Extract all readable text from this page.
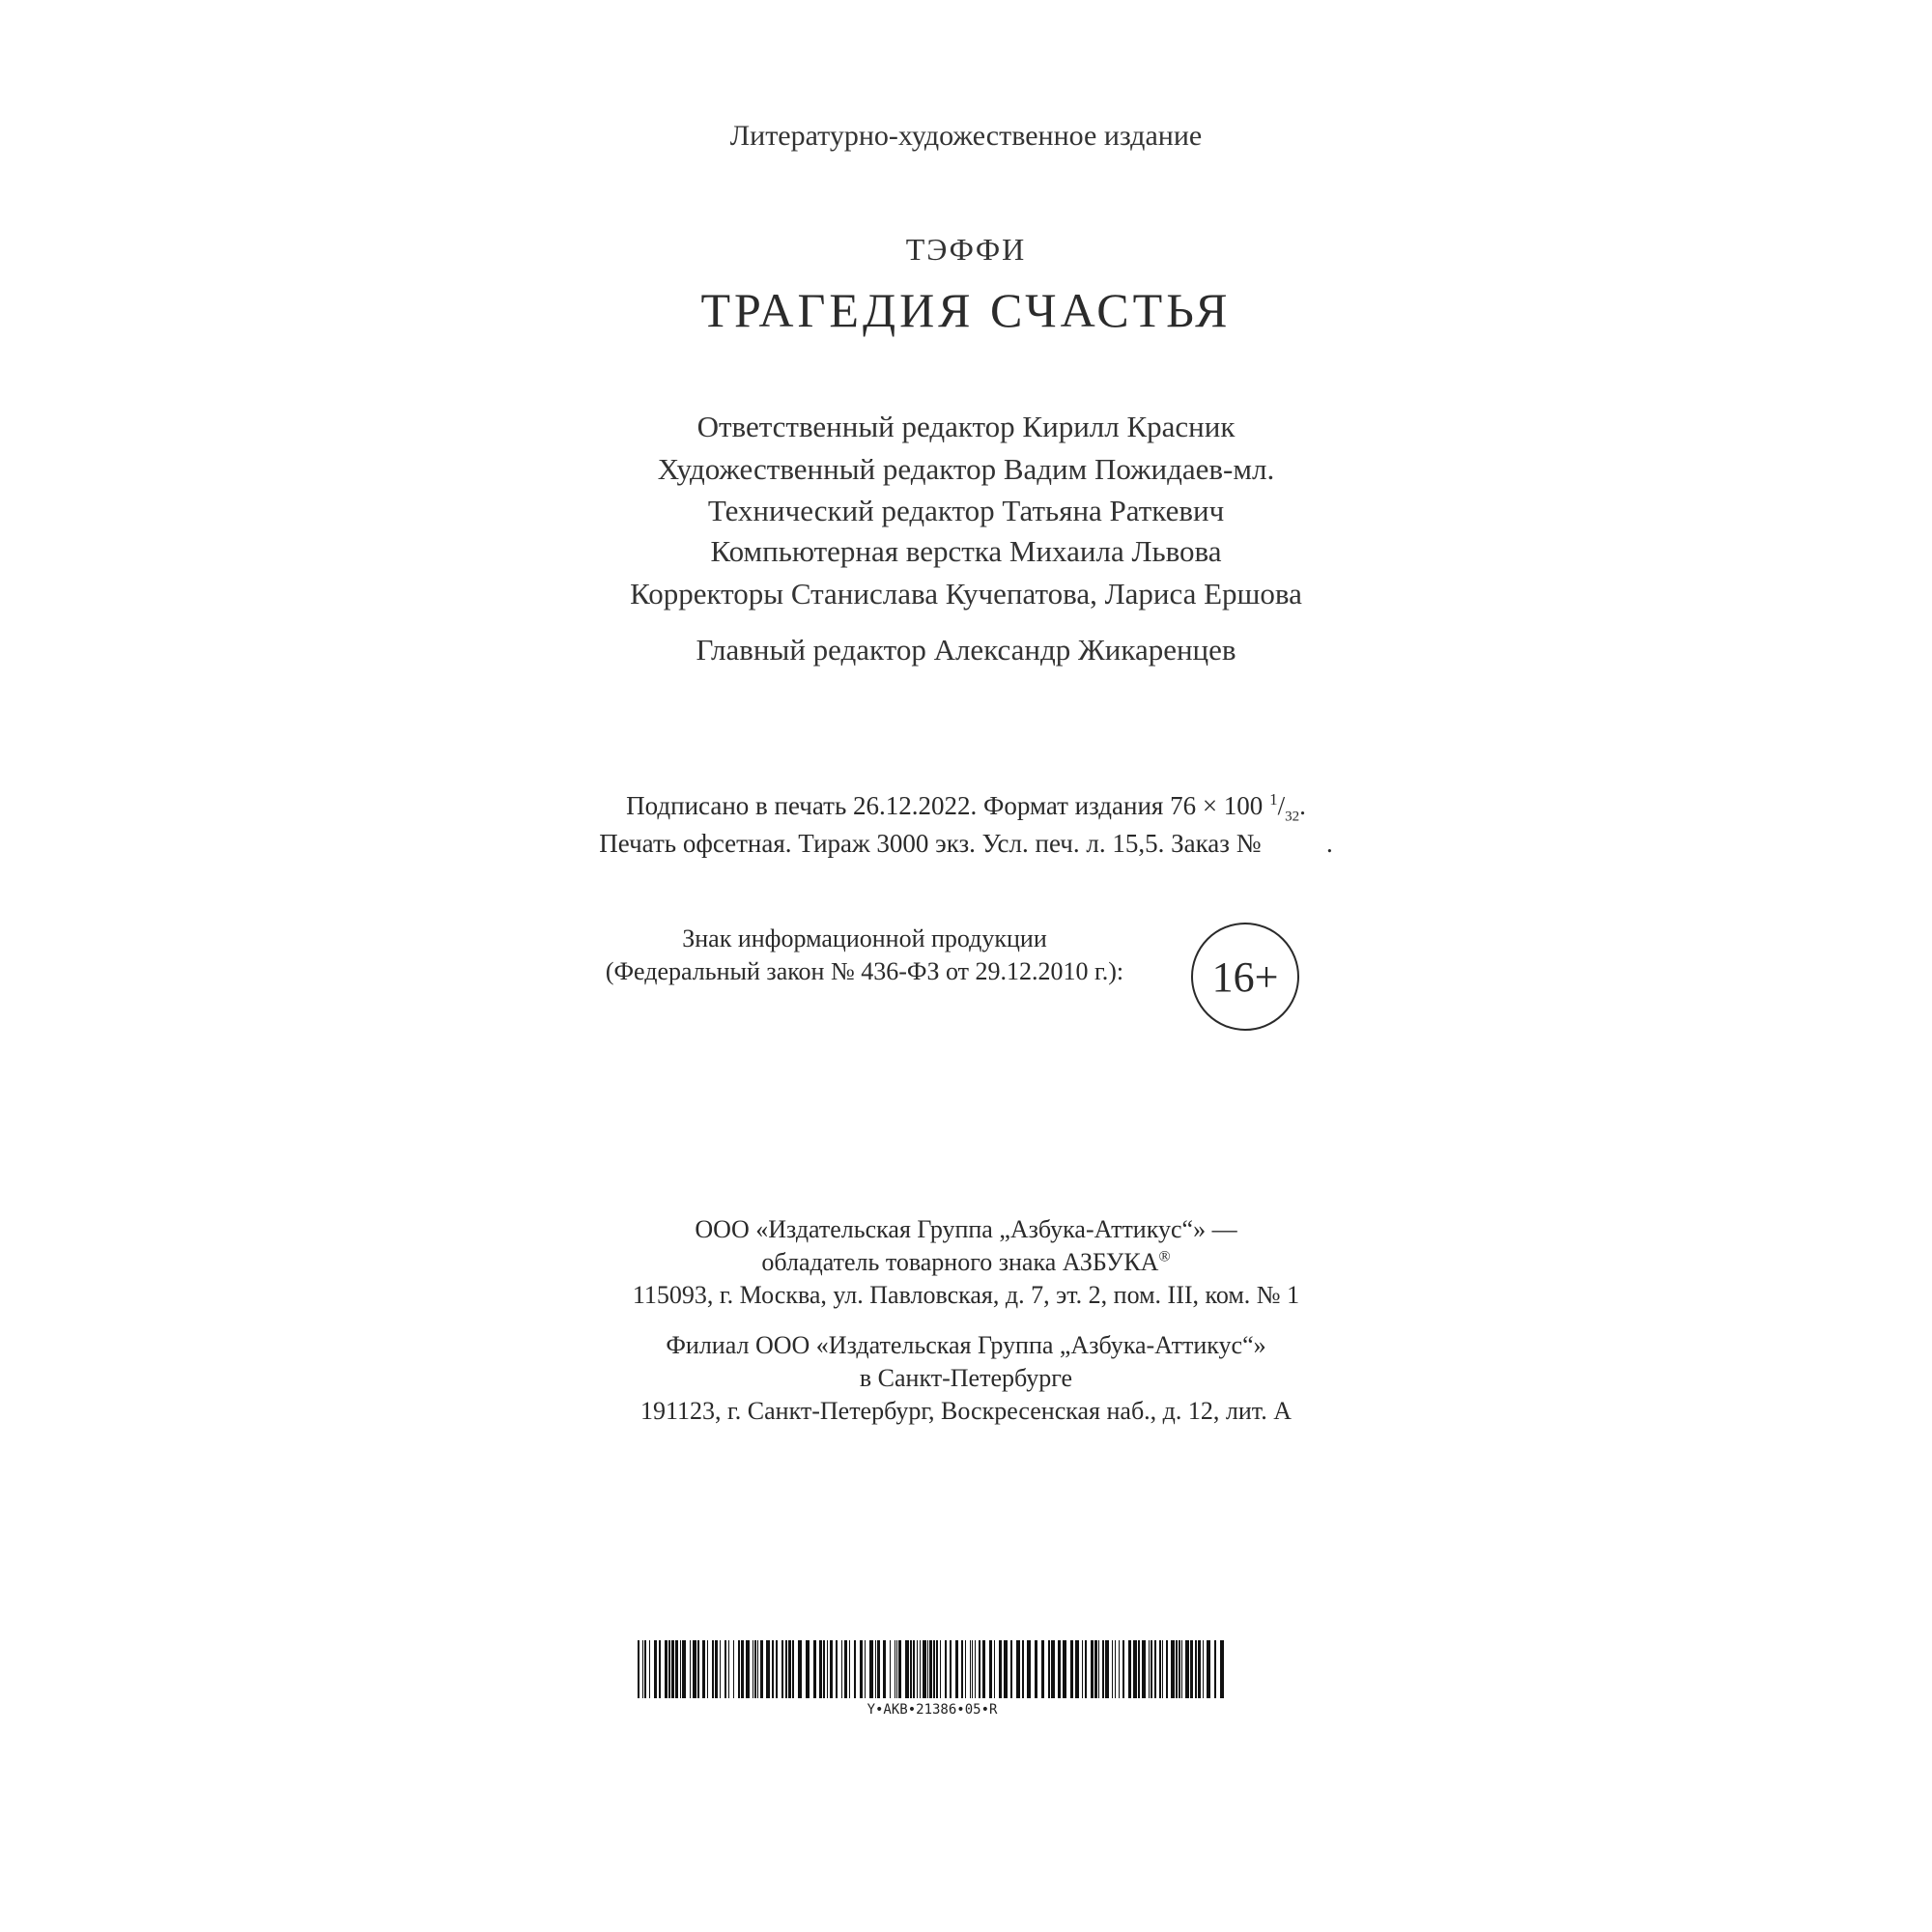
Литературно-художественное издание
ТЭФФИ
ТРАГЕДИЯ СЧАСТЬЯ
Ответственный редактор Кирилл Красник
Художественный редактор Вадим Пожидаев-мл.
Технический редактор Татьяна Раткевич
Компьютерная верстка Михаила Львова
Корректоры Станислава Кучепатова, Лариса Ершова
Главный редактор Александр Жикаренцев
Подписано в печать 26.12.2022. Формат издания 76 × 100 $^1/_{32}$.
Печать офсетная. Тираж 3000 экз. Усл. печ. л. 15,5. Заказ №          .
Знак информационной продукции
(Федеральный закон № 436-ФЗ от 29.12.2010 г.):	16+
ООО «Издательская Группа „Азбука-Аттикус“» —
обладатель товарного знака АЗБУКА®
115093, г. Москва, ул. Павловская, д. 7, эт. 2, пом. III, ком. № 1
Филиал ООО «Издательская Группа „Азбука-Аттикус“»
в Санкт-Петербурге
191123, г. Санкт-Петербург, Воскресенская наб., д. 12, лит. А
Y•АКВ•21386•05•R
